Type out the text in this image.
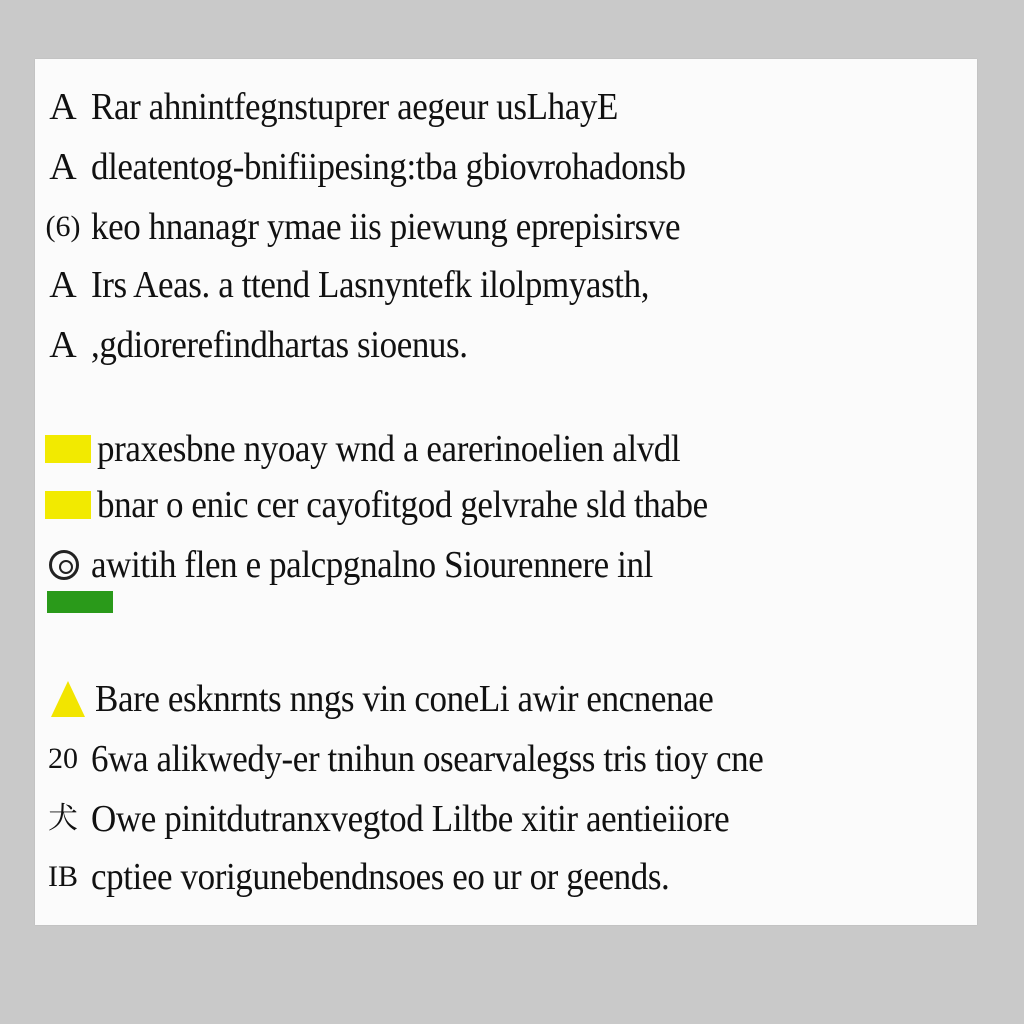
A Rar ahnintfegnstuprer aegeur usLhayE
A dleatentog-bnifiipesing:tba gbiovrohadonsb
(6) keo hnanagr ymae iis piewung eprepisirsve
A Irs Aeas. a ttend Lasnyntefk ilolpmyasth,
A ,gdiorerefindhartas sioenus.
praxesbne nyoay wnd a earerinoelien alvdl
bnar o enic cer cayofitgod gelvrahe sld thabe
awitih flen e palcpgnalno Siourennere inl
Bare esknrnts nngs vin coneLi awir encnenae
20 6wa alikwedy-er tnihun osearvalegss tris tioy cne
犬 Owe pinitdutranxvegtod Liltbe xitir aentieiiore
IB cptiee vorigunebendnsoes eo ur or geends.
